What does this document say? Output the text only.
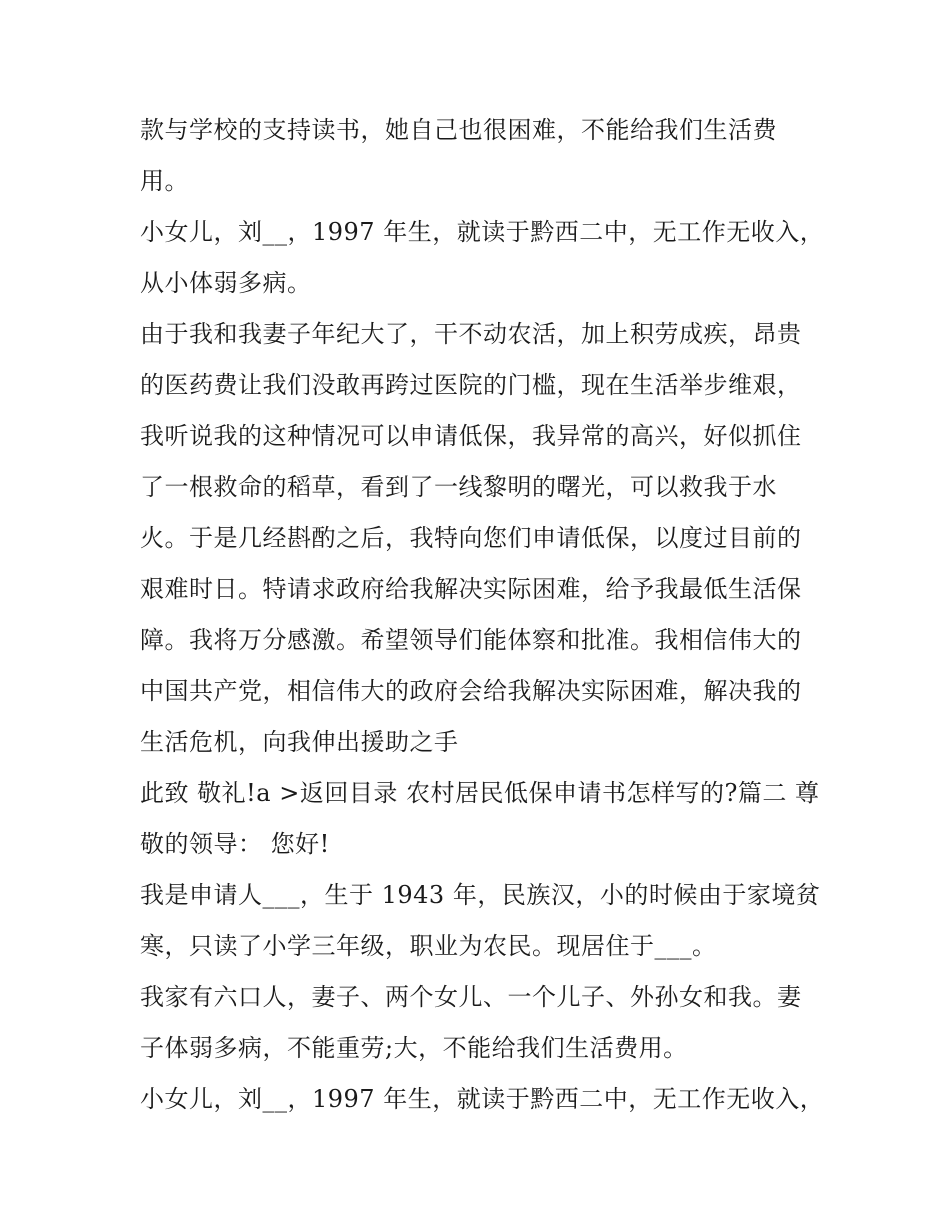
款与学校的支持读书，她自己也很困难，不能给我们生活费
用。
小女儿，刘__，1997 年生，就读于黔西二中，无工作无收入，
从小体弱多病。
由于我和我妻子年纪大了，干不动农活，加上积劳成疾，昂贵
的医药费让我们没敢再跨过医院的门槛，现在生活举步维艰，
我听说我的这种情况可以申请低保，我异常的高兴，好似抓住
了一根救命的稻草，看到了一线黎明的曙光，可以救我于水
火。于是几经斟酌之后，我特向您们申请低保，以度过目前的
艰难时日。特请求政府给我解决实际困难，给予我最低生活保
障。我将万分感激。希望领导们能体察和批准。我相信伟大的
中国共产党，相信伟大的政府会给我解决实际困难，解决我的
生活危机，向我伸出援助之手
此致 敬礼!a >返回目录 农村居民低保申请书怎样写的?篇二 尊
敬的领导： 您好!
我是申请人___，生于 1943 年，民族汉，小的时候由于家境贫
寒，只读了小学三年级，职业为农民。现居住于___。
我家有六口人，妻子、两个女儿、一个儿子、外孙女和我。妻
子体弱多病，不能重劳;大，不能给我们生活费用。
小女儿，刘__，1997 年生，就读于黔西二中，无工作无收入，
